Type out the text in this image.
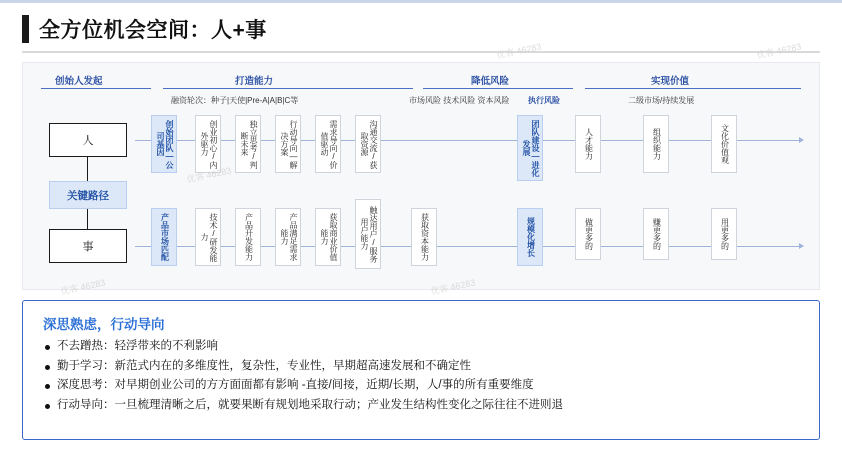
全方位机会空间：人+事
创始人发起	打造能力	降低风险	实现价值
融资轮次：种子|天使|Pre-A|A|B|C等	市场风险 技术风险 资本风险 执行风险	二级市场/持续发展
人
关键路径
事
创始团队—公司基因	创业初心/内外驱力	独立思考/判断未来	行动导向—解决方案	需求导向/价值驱动	沟通交流/获取资源	团队建设—进化发展	人才能力	组织能力	文化价值观
产品市场匹配	技术/研发能力	产品开发能力	产品满足需求能力	获取商业价值能力	触达用户/服务用户能力	获取资本能力	规模化增长	做更多的	赚更多的	用更多的
深思熟虑，行动导向
不去蹭热：轻浮带来的不利影响
勤于学习：新范式内在的多维度性，复杂性，专业性，早期超高速发展和不确定性
深度思考：对早期创业公司的方方面面都有影响 -直接/间接，近期/长期，人/事的所有重要维度
行动导向：一旦梳理清晰之后，就要果断有规划地采取行动；产业发生结构性变化之际往往不进则退
优客 46283	优客 46283
优客 46283
优客 46283	优客 46283
